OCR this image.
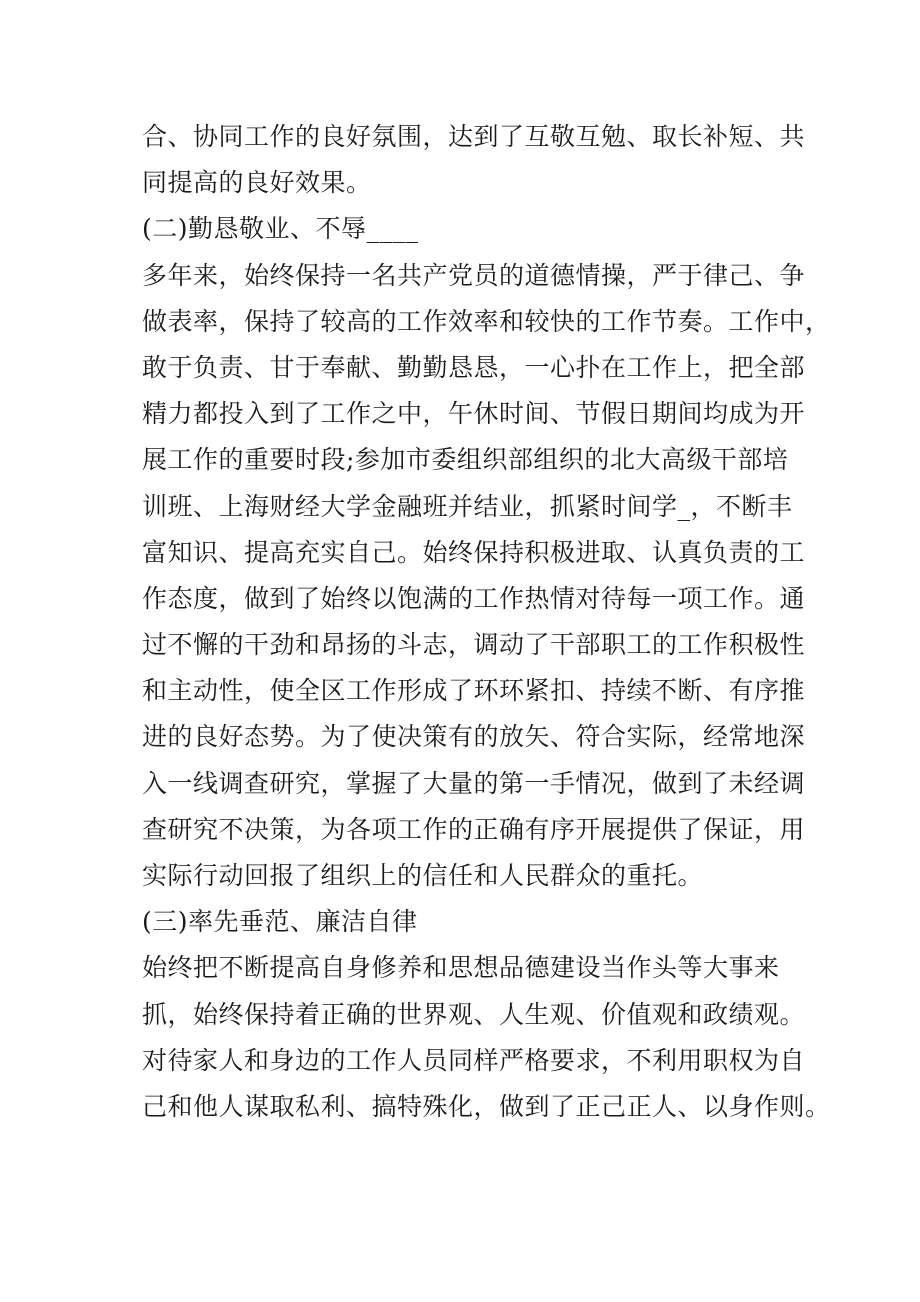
合、协同工作的良好氛围，达到了互敬互勉、取长补短、共
同提高的良好效果。
(二)勤恳敬业、不辱____
多年来，始终保持一名共产党员的道德情操，严于律己、争
做表率，保持了较高的工作效率和较快的工作节奏。工作中，
敢于负责、甘于奉献、勤勤恳恳，一心扑在工作上，把全部
精力都投入到了工作之中，午休时间、节假日期间均成为开
展工作的重要时段;参加市委组织部组织的北大高级干部培
训班、上海财经大学金融班并结业，抓紧时间学_，不断丰
富知识、提高充实自己。始终保持积极进取、认真负责的工
作态度，做到了始终以饱满的工作热情对待每一项工作。通
过不懈的干劲和昂扬的斗志，调动了干部职工的工作积极性
和主动性，使全区工作形成了环环紧扣、持续不断、有序推
进的良好态势。为了使决策有的放矢、符合实际，经常地深
入一线调查研究，掌握了大量的第一手情况，做到了未经调
查研究不决策，为各项工作的正确有序开展提供了保证，用
实际行动回报了组织上的信任和人民群众的重托。
(三)率先垂范、廉洁自律
始终把不断提高自身修养和思想品德建设当作头等大事来
抓，始终保持着正确的世界观、人生观、价值观和政绩观。
对待家人和身边的工作人员同样严格要求，不利用职权为自
己和他人谋取私利、搞特殊化，做到了正己正人、以身作则。
